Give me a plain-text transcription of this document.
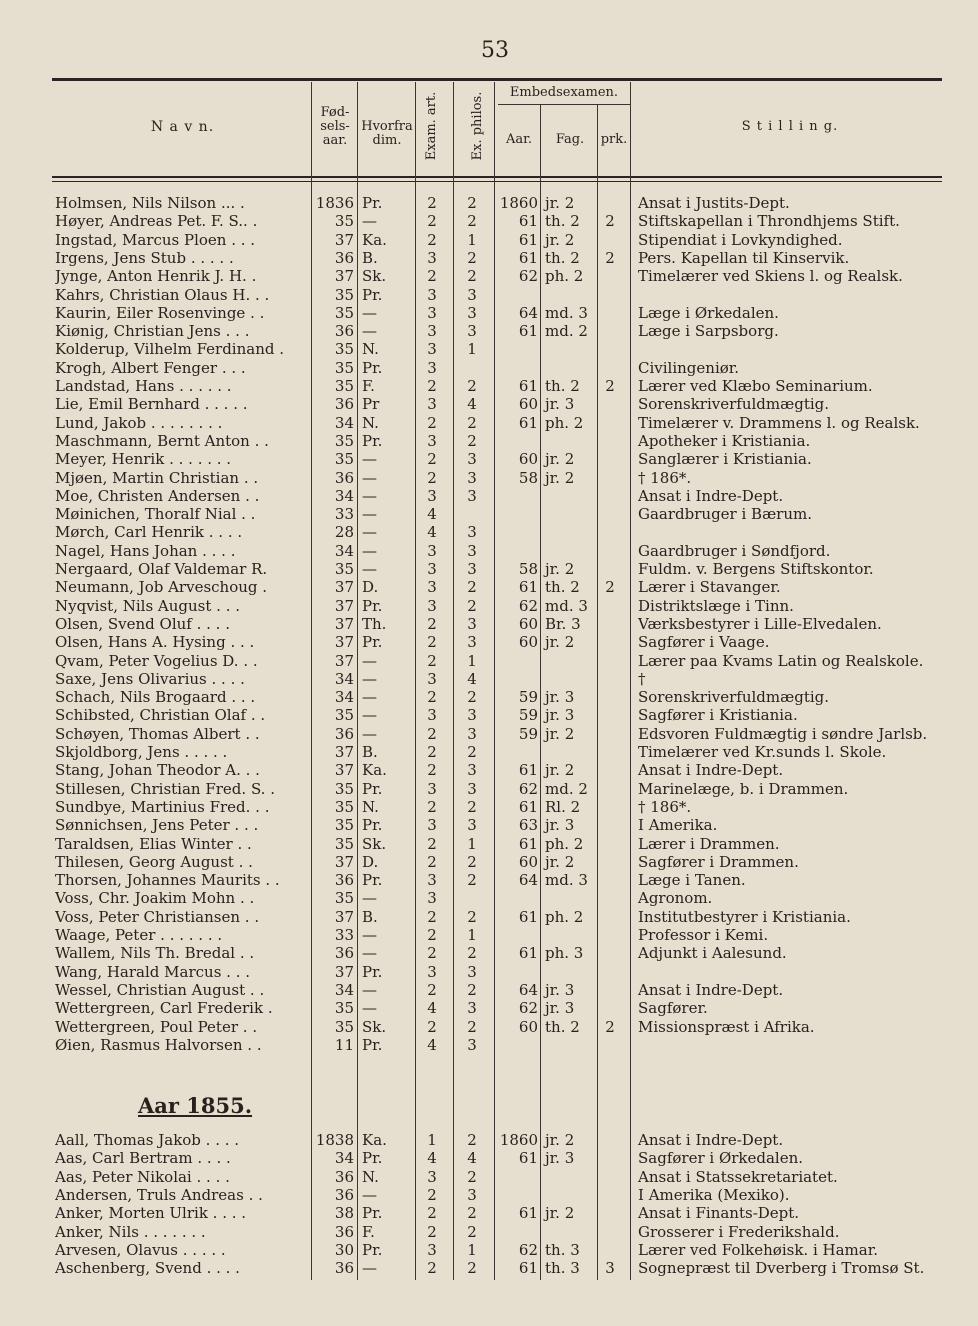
53
N a v n.
Fød-
sels-
aar.
Hvorfra
dim.	Exam. art. Ex. philos.	Embedsexamen.
Aar.	Fag.	prk.
S t i l l i n g.
Holmsen, Nils Nilson ... .	1836 Pr.	2	2	1860 jr. 2	Ansat i Justits-Dept.
Høyer, Andreas Pet. F. S.. .	35 —	2	2	61 th. 2	2	Stiftskapellan i Throndhjems Stift.
Ingstad, Marcus Ploen . . .	37 Ka.	2	1	61 jr. 2	Stipendiat i Lovkyndighed.
Irgens, Jens Stub . . . . .	36 B.	3	2	61 th. 2	2	Pers. Kapellan til Kinservik.
Jynge, Anton Henrik J. H. .	37 Sk.	2	2	62 ph. 2	Timelærer ved Skiens l. og Realsk.
Kahrs, Christian Olaus H. . .	35 Pr.	3	3
Kaurin, Eiler Rosenvinge . .	35 —	3	3	64 md. 3	Læge i Ørkedalen.
Kiønig, Christian Jens . . .	36 —	3	3	61 md. 2	Læge i Sarpsborg.
Kolderup, Vilhelm Ferdinand .	35 N.	3	1
Krogh, Albert Fenger . . .	35 Pr.	3	Civilingeniør.
Landstad, Hans . . . . . .	35 F.	2	2	61 th. 2	2	Lærer ved Klæbo Seminarium.
Lie, Emil Bernhard . . . . .	36 Pr	3	4	60 jr. 3	Sorenskriverfuldmægtig.
Lund, Jakob . . . . . . . .	34 N.	2	2	61 ph. 2	Timelærer v. Drammens l. og Realsk.
Maschmann, Bernt Anton . .	35 Pr.	3	2	Apotheker i Kristiania.
Meyer, Henrik . . . . . . .	35 —	2	3	60 jr. 2	Sanglærer i Kristiania.
Mjøen, Martin Christian . .	36 —	2	3	58 jr. 2	† 186*.
Moe, Christen Andersen . .	34 —	3	3	Ansat i Indre-Dept.
Møinichen, Thoralf Nial . .	33 —	4	Gaardbruger i Bærum.
Mørch, Carl Henrik . . . .	28 —	4	3
Nagel, Hans Johan . . . .	34 —	3	3	Gaardbruger i Søndfjord.
Nergaard, Olaf Valdemar R.	35 —	3	3	58 jr. 2	Fuldm. v. Bergens Stiftskontor.
Neumann, Job Arveschoug .	37 D.	3	2	61 th. 2	2	Lærer i Stavanger.
Nyqvist, Nils August . . .	37 Pr.	3	2	62 md. 3	Distriktslæge i Tinn.
Olsen, Svend Oluf . . . .	37 Th.	2	3	60 Br. 3	Værksbestyrer i Lille-Elvedalen.
Olsen, Hans A. Hysing . . .	37 Pr.	2	3	60 jr. 2	Sagfører i Vaage.
Qvam, Peter Vogelius D. . .	37 —	2	1	Lærer paa Kvams Latin og Realskole.
Saxe, Jens Olivarius . . . .	34 —	3	4	†
Schach, Nils Brogaard . . .	34 —	2	2	59 jr. 3	Sorenskriverfuldmægtig.
Schibsted, Christian Olaf . .	35 —	3	3	59 jr. 3	Sagfører i Kristiania.
Schøyen, Thomas Albert . .	36 —	2	3	59 jr. 2	Edsvoren Fuldmægtig i søndre Jarlsb.
Skjoldborg, Jens . . . . .	37 B.	2	2	Timelærer ved Kr.sunds l. Skole.
Stang, Johan Theodor A. . .	37 Ka.	2	3	61 jr. 2	Ansat i Indre-Dept.
Stillesen, Christian Fred. S. .	35 Pr.	3	3	62 md. 2	Marinelæge, b. i Drammen.
Sundbye, Martinius Fred. . .	35 N.	2	2	61 Rl. 2	† 186*.
Sønnichsen, Jens Peter . . .	35 Pr.	3	3	63 jr. 3	I Amerika.
Taraldsen, Elias Winter . .	35 Sk.	2	1	61 ph. 2	Lærer i Drammen.
Thilesen, Georg August . .	37 D.	2	2	60 jr. 2	Sagfører i Drammen.
Thorsen, Johannes Maurits . .	36 Pr.	3	2	64 md. 3	Læge i Tanen.
Voss, Chr. Joakim Mohn . .	35 —	3	Agronom.
Voss, Peter Christiansen . .	37 B.	2	2	61 ph. 2	Institutbestyrer i Kristiania.
Waage, Peter . . . . . . .	33 —	2	1	Professor i Kemi.
Wallem, Nils Th. Bredal . .	36 —	2	2	61 ph. 3	Adjunkt i Aalesund.
Wang, Harald Marcus . . .	37 Pr.	3	3
Wessel, Christian August . .	34 —	2	2	64 jr. 3	Ansat i Indre-Dept.
Wettergreen, Carl Frederik .	35 —	4	3	62 jr. 3	Sagfører.
Wettergreen, Poul Peter . .	35 Sk.	2	2	60 th. 2	2	Missionspræst i Afrika.
Øien, Rasmus Halvorsen . .	11 Pr.	4	3
Aar 1855.
Aall, Thomas Jakob . . . .	1838 Ka.	1	2	1860 jr. 2	Ansat i Indre-Dept.
Aas, Carl Bertram . . . .	34 Pr.	4	4	61 jr. 3	Sagfører i Ørkedalen.
Aas, Peter Nikolai . . . .	36 N.	3	2	Ansat i Statssekretariatet.
Andersen, Truls Andreas . .	36 —	2	3	I Amerika (Mexiko).
Anker, Morten Ulrik . . . .	38 Pr.	2	2	61 jr. 2	Ansat i Finants-Dept.
Anker, Nils . . . . . . .	36 F.	2	2	Grosserer i Frederikshald.
Arvesen, Olavus . . . . .	30 Pr.	3	1	62 th. 3	Lærer ved Folkehøisk. i Hamar.
Aschenberg, Svend . . . .	36 —	2	2	61 th. 3	3	Sognepræst til Dverberg i Tromsø St.
